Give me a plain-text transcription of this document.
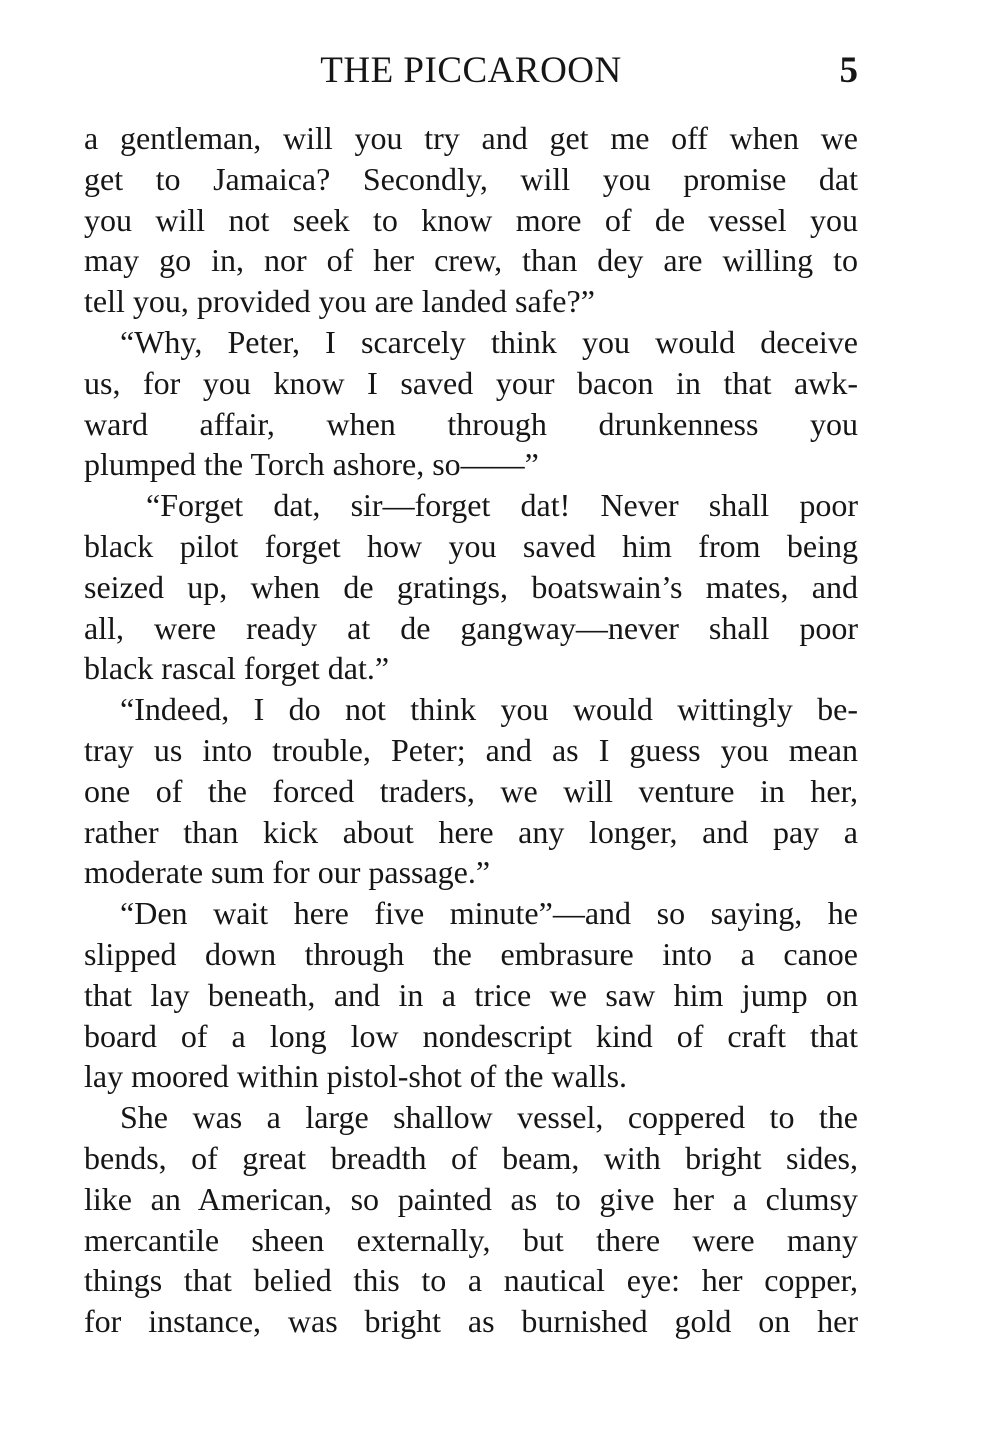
THE PICCAROON	5
a gentleman, will you try and get me off when we
get to Jamaica? Secondly, will you promise dat
you will not seek to know more of de vessel you
may go in, nor of her crew, than dey are willing to
tell you, provided you are landed safe?”
“Why, Peter, I scarcely think you would deceive
us, for you know I saved your bacon in that awk-
ward affair, when through drunkenness you
plumped the Torch ashore, so——”
“Forget dat, sir—forget dat! Never shall poor
black pilot forget how you saved him from being
seized up, when de gratings, boatswain’s mates, and
all, were ready at de gangway—never shall poor
black rascal forget dat.”
“Indeed, I do not think you would wittingly be-
tray us into trouble, Peter; and as I guess you mean
one of the forced traders, we will venture in her,
rather than kick about here any longer, and pay a
moderate sum for our passage.”
“Den wait here five minute”—and so saying, he
slipped down through the embrasure into a canoe
that lay beneath, and in a trice we saw him jump on
board of a long low nondescript kind of craft that
lay moored within pistol-shot of the walls.
She was a large shallow vessel, coppered to the
bends, of great breadth of beam, with bright sides,
like an American, so painted as to give her a clumsy
mercantile sheen externally, but there were many
things that belied this to a nautical eye: her copper,
for instance, was bright as burnished gold on her
